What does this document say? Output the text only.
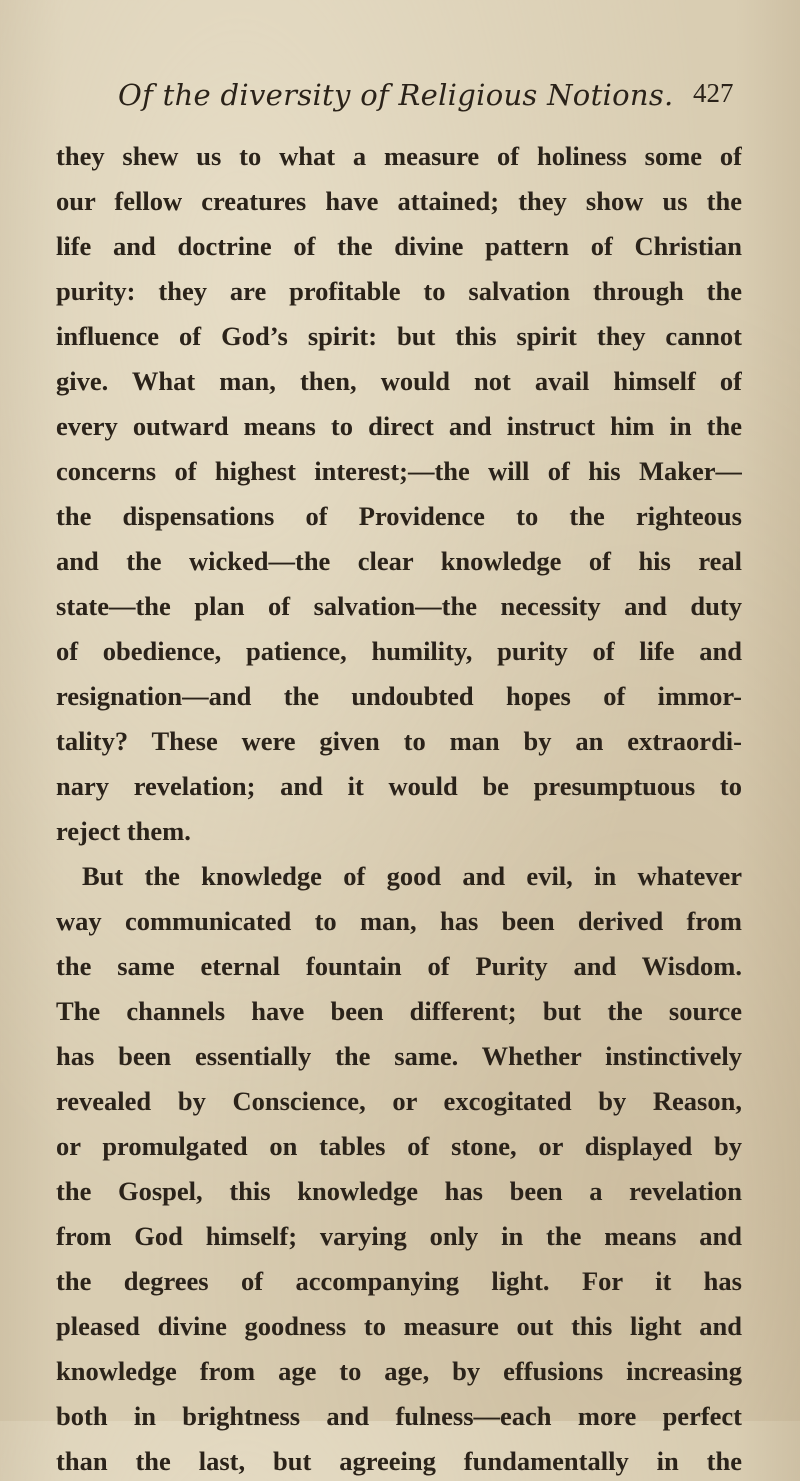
Of the diversity of Religious Notions. 427
they shew us to what a measure of holiness some of
our fellow creatures have attained; they show us the
life and doctrine of the divine pattern of Christian
purity: they are profitable to salvation through the
influence of God’s spirit: but this spirit they cannot
give. What man, then, would not avail himself of
every outward means to direct and instruct him in the
concerns of highest interest;—the will of his Maker—
the dispensations of Providence to the righteous
and the wicked—the clear knowledge of his real
state—the plan of salvation—the necessity and duty
of obedience, patience, humility, purity of life and
resignation—and the undoubted hopes of immor-
tality? These were given to man by an extraordi-
nary revelation; and it would be presumptuous to
reject them.
But the knowledge of good and evil, in whatever
way communicated to man, has been derived from
the same eternal fountain of Purity and Wisdom.
The channels have been different; but the source
has been essentially the same. Whether instinctively
revealed by Conscience, or excogitated by Reason,
or promulgated on tables of stone, or displayed by
the Gospel, this knowledge has been a revelation
from God himself; varying only in the means and
the degrees of accompanying light. For it has
pleased divine goodness to measure out this light and
knowledge from age to age, by effusions increasing
both in brightness and fulness—each more perfect
than the last, but agreeing fundamentally in the
